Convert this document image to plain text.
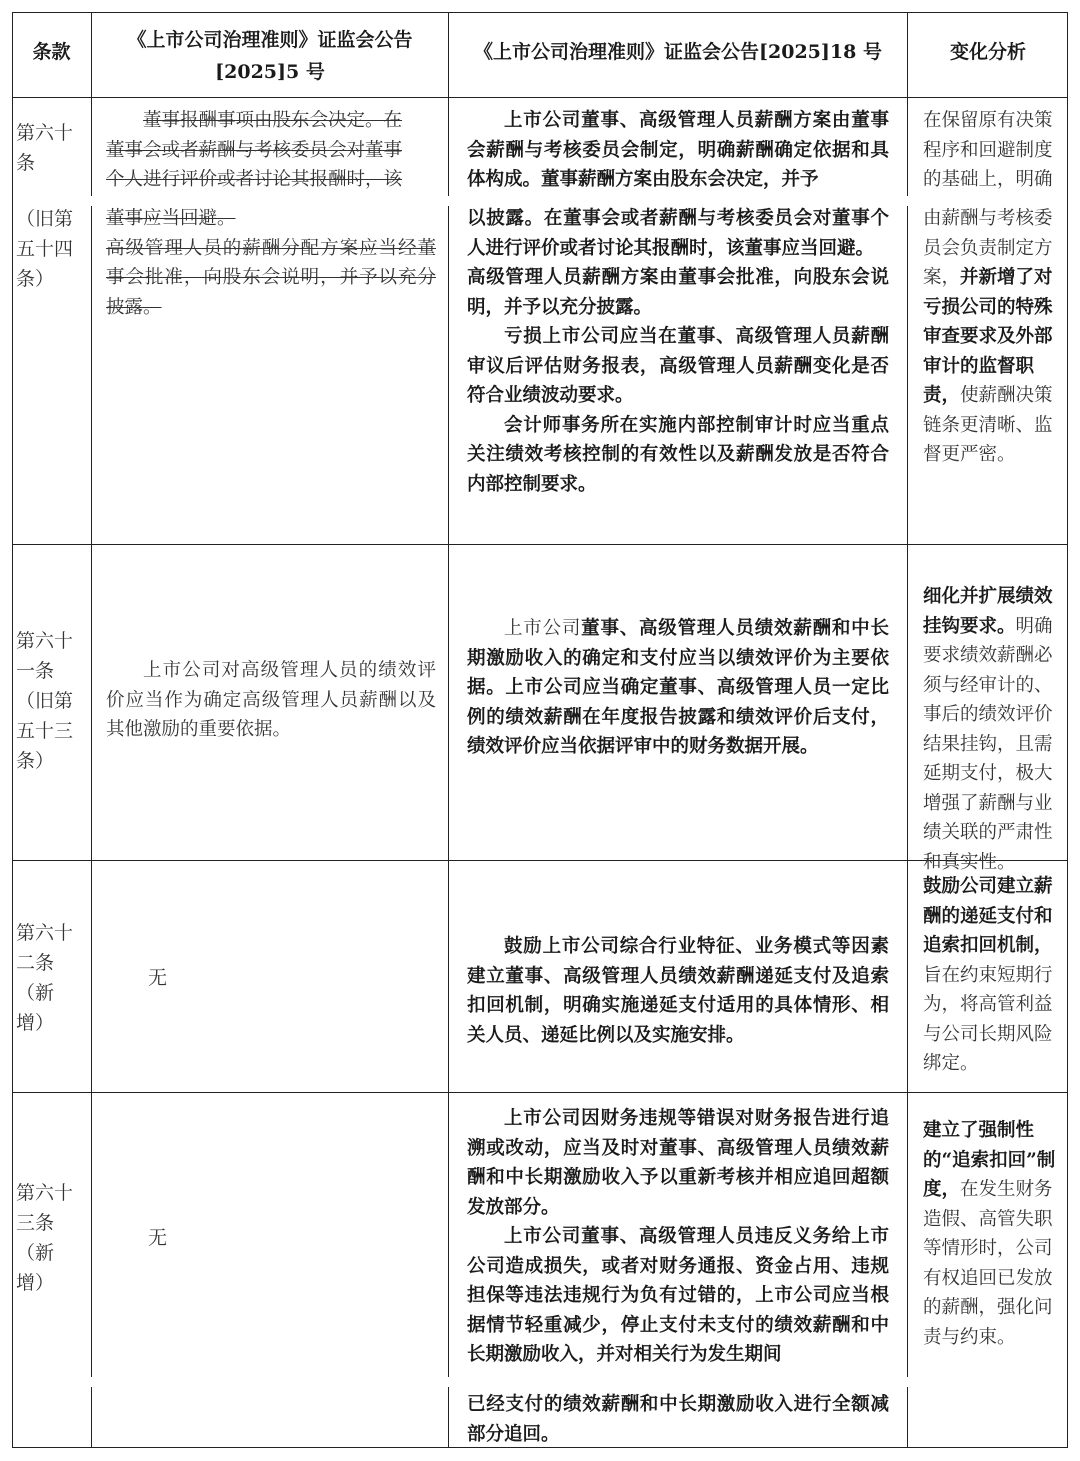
条款
《上市公司治理准则》证监会公告
[2025]5 号
《上市公司治理准则》证监会公告[2025]18 号	变化分析
第六十
条
（旧第
五十四
条）
董事报酬事项由股东会决定。在
董事会或者薪酬与考核委员会对董事
个人进行评价或者讨论其报酬时，该

董事应当回避。

高级管理人员的薪酬分配方案应当经董事会批准，向股东会说明，并予以充分披露。

上市公司董事、高级管理人员薪酬方案由董事会薪酬与考核委员会制定，明确薪酬确定依据和具体构成。董事薪酬方案由股东会决定，并予

以披露。在董事会或者薪酬与考核委员会对董事个人进行评价或者讨论其报酬时，该董事应当回避。

高级管理人员薪酬方案由董事会批准，向股东会说明，并予以充分披露。

亏损上市公司应当在董事、高级管理人员薪酬审议后评估财务报表，高级管理人员薪酬变化是否符合业绩波动要求。

会计师事务所在实施内部控制审计时应当重点关注绩效考核控制的有效性以及薪酬发放是否符合内部控制要求。

在保留原有决策程序和回避制度的基础上，明确
由薪酬与考核委员会负责制定方案，并新增了对亏损公司的特殊审查要求及外部审计的监督职责，使薪酬决策链条更清晰、监督更严密。
第六十
一条
（旧第
五十三
条）

上市公司对高级管理人员的绩效评价应当作为确定高级管理人员薪酬以及其他激励的重要依据。

上市公司董事、高级管理人员绩效薪酬和中长期激励收入的确定和支付应当以绩效评价为主要依据。上市公司应当确定董事、高级管理人员一定比例的绩效薪酬在年度报告披露和绩效评价后支付，绩效评价应当依据评审中的财务数据开展。

细化并扩展绩效挂钩要求。明确要求绩效薪酬必须与经审计的、事后的绩效评价结果挂钩，且需延期支付，极大增强了薪酬与业绩关联的严肃性和真实性。
第六十
二条
（新
增）
无

鼓励上市公司综合行业特征、业务模式等因素建立董事、高级管理人员绩效薪酬递延支付及追索扣回机制，明确实施递延支付适用的具体情形、相关人员、递延比例以及实施安排。

鼓励公司建立薪酬的递延支付和追索扣回机制，旨在约束短期行为，将高管利益与公司长期风险绑定。
第六十
三条
（新
增）
无

上市公司因财务违规等错误对财务报告进行追溯或改动，应当及时对董事、高级管理人员绩效薪酬和中长期激励收入予以重新考核并相应追回超额发放部分。

上市公司董事、高级管理人员违反义务给上市公司造成损失，或者对财务通报、资金占用、违规担保等违法违规行为负有过错的，上市公司应当根据情节轻重减少，停止支付未支付的绩效薪酬和中长期激励收入，并对相关行为发生期间

已经支付的绩效薪酬和中长期激励收入进行全额减部分追回。

建立了强制性的“追索扣回”制度，在发生财务造假、高管失职等情形时，公司有权追回已发放的薪酬，强化问责与约束。
